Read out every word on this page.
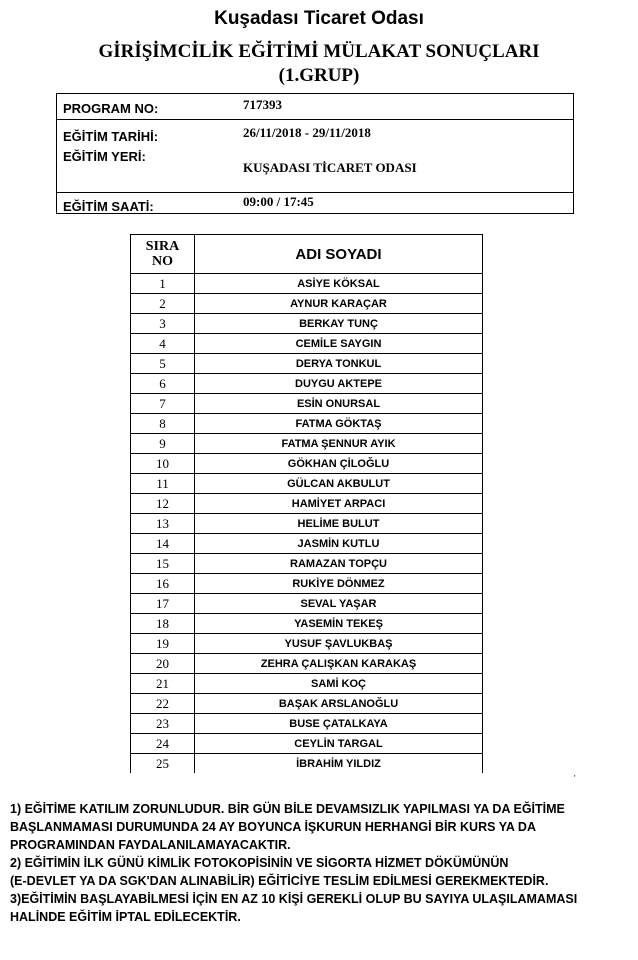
Kuşadası Ticaret Odası
GİRİŞİMCİLİK EĞİTİMİ MÜLAKAT SONUÇLARI
(1.GRUP)
PROGRAM NO:	717393
EĞİTİM TARİHİ:	26/11/2018 - 29/11/2018
EĞİTİM YERİ:
KUŞADASI TİCARET ODASI
EĞİTİM SAATİ:	09:00 / 17:45
SIRA
NO	ADI SOYADI
1	ASİYE KÖKSAL
2	AYNUR KARAÇAR
3	BERKAY TUNÇ
4	CEMİLE SAYGIN
5	DERYA TONKUL
6	DUYGU AKTEPE
7	ESİN ONURSAL
8	FATMA GÖKTAŞ
9	FATMA ŞENNUR AYIK
10	GÖKHAN ÇİLOĞLU
11	GÜLCAN AKBULUT
12	HAMİYET ARPACI
13	HELİME BULUT
14	JASMİN KUTLU
15	RAMAZAN TOPÇU
16	RUKİYE DÖNMEZ
17	SEVAL YAŞAR
18	YASEMİN TEKEŞ
19	YUSUF ŞAVLUKBAŞ
20	ZEHRA ÇALIŞKAN KARAKAŞ
21	SAMİ KOÇ
22	BAŞAK ARSLANOĞLU
23	BUSE ÇATALKAYA
24	CEYLİN TARGAL
25	İBRAHİM YILDIZ
'
1) EĞİTİME KATILIM ZORUNLUDUR. BİR GÜN BİLE DEVAMSIZLIK YAPILMASI YA DA EĞİTİME
BAŞLANMAMASI DURUMUNDA 24 AY BOYUNCA İŞKURUN HERHANGİ BİR KURS YA DA
PROGRAMINDAN FAYDALANILAMAYACAKTIR.
2) EĞİTİMİN İLK GÜNÜ KİMLİK FOTOKOPİSİNİN VE SİGORTA HİZMET DÖKÜMÜNÜN
(E-DEVLET YA DA SGK'DAN ALINABİLİR) EĞİTİCİYE TESLİM EDİLMESİ GEREKMEKTEDİR.
3)EĞİTİMİN BAŞLAYABİLMESİ İÇİN EN AZ 10 KİŞİ GEREKLİ OLUP BU SAYIYA ULAŞILAMAMASI
HALİNDE EĞİTİM İPTAL EDİLECEKTİR.
